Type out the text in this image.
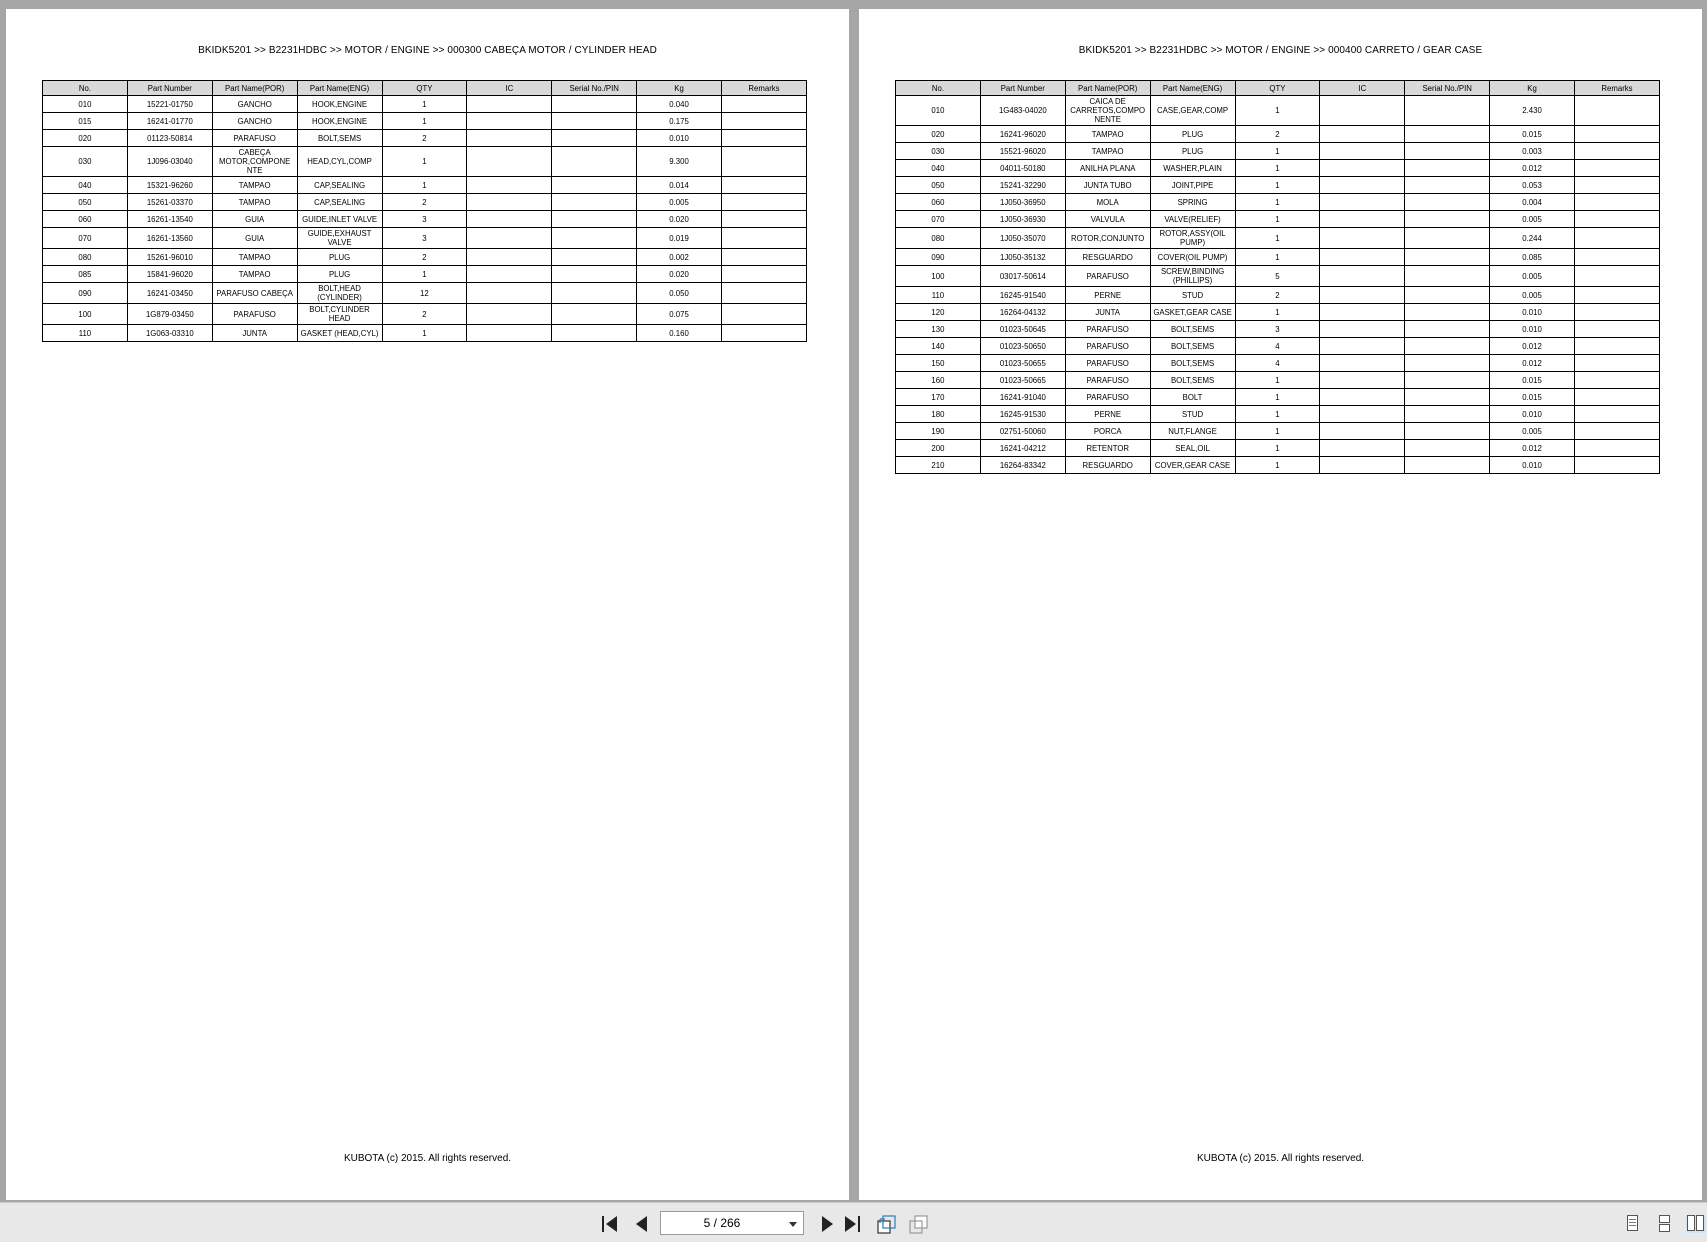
BKIDK5201 >> B2231HDBC >> MOTOR / ENGINE >> 000300 CABEÇA MOTOR / CYLINDER HEAD
No.	Part Number	Part Name(POR)	Part Name(ENG)	QTY	IC	Serial No./PIN	Kg	Remarks
010	15221-01750	GANCHO	HOOK,ENGINE	1			0.040	
015	16241-01770	GANCHO	HOOK,ENGINE	1			0.175	
020	01123-50814	PARAFUSO	BOLT,SEMS	2			0.010	
030	1J096-03040	CABEÇA MOTOR,COMPONE NTE	HEAD,CYL,COMP	1			9.300	
040	15321-96260	TAMPAO	CAP,SEALING	1			0.014	
050	15261-03370	TAMPAO	CAP,SEALING	2			0.005	
060	16261-13540	GUIA	GUIDE,INLET VALVE	3			0.020	
070	16261-13560	GUIA	GUIDE,EXHAUST VALVE	3			0.019	
080	15261-96010	TAMPAO	PLUG	2			0.002	
085	15841-96020	TAMPAO	PLUG	1			0.020	
090	16241-03450	PARAFUSO CABEÇA	BOLT,HEAD (CYLINDER)	12			0.050	
100	1G879-03450	PARAFUSO	BOLT,CYLINDER HEAD	2			0.075	
110	1G063-03310	JUNTA	GASKET (HEAD,CYL)	1			0.160	
KUBOTA (c) 2015. All rights reserved.
BKIDK5201 >> B2231HDBC >> MOTOR / ENGINE >> 000400 CARRETO / GEAR CASE
No.	Part Number	Part Name(POR)	Part Name(ENG)	QTY	IC	Serial No./PIN	Kg	Remarks
010	1G483-04020	CAICA DE CARRETOS,COMPO NENTE	CASE,GEAR,COMP	1			2.430	
020	16241-96020	TAMPAO	PLUG	2			0.015	
030	15521-96020	TAMPAO	PLUG	1			0.003	
040	04011-50180	ANILHA PLANA	WASHER,PLAIN	1			0.012	
050	15241-32290	JUNTA TUBO	JOINT,PIPE	1			0.053	
060	1J050-36950	MOLA	SPRING	1			0.004	
070	1J050-36930	VALVULA	VALVE(RELIEF)	1			0.005	
080	1J050-35070	ROTOR,CONJUNTO	ROTOR,ASSY(OIL PUMP)	1			0.244	
090	1J050-35132	RESGUARDO	COVER(OIL PUMP)	1			0.085	
100	03017-50614	PARAFUSO	SCREW,BINDING (PHILLIPS)	5			0.005	
110	16245-91540	PERNE	STUD	2			0.005	
120	16264-04132	JUNTA	GASKET,GEAR CASE	1			0.010	
130	01023-50645	PARAFUSO	BOLT,SEMS	3			0.010	
140	01023-50650	PARAFUSO	BOLT,SEMS	4			0.012	
150	01023-50655	PARAFUSO	BOLT,SEMS	4			0.012	
160	01023-50665	PARAFUSO	BOLT,SEMS	1			0.015	
170	16241-91040	PARAFUSO	BOLT	1			0.015	
180	16245-91530	PERNE	STUD	1			0.010	
190	02751-50060	PORCA	NUT,FLANGE	1			0.005	
200	16241-04212	RETENTOR	SEAL,OIL	1			0.012	
210	16264-83342	RESGUARDO	COVER,GEAR CASE	1			0.010	
KUBOTA (c) 2015. All rights reserved.
5 / 266
